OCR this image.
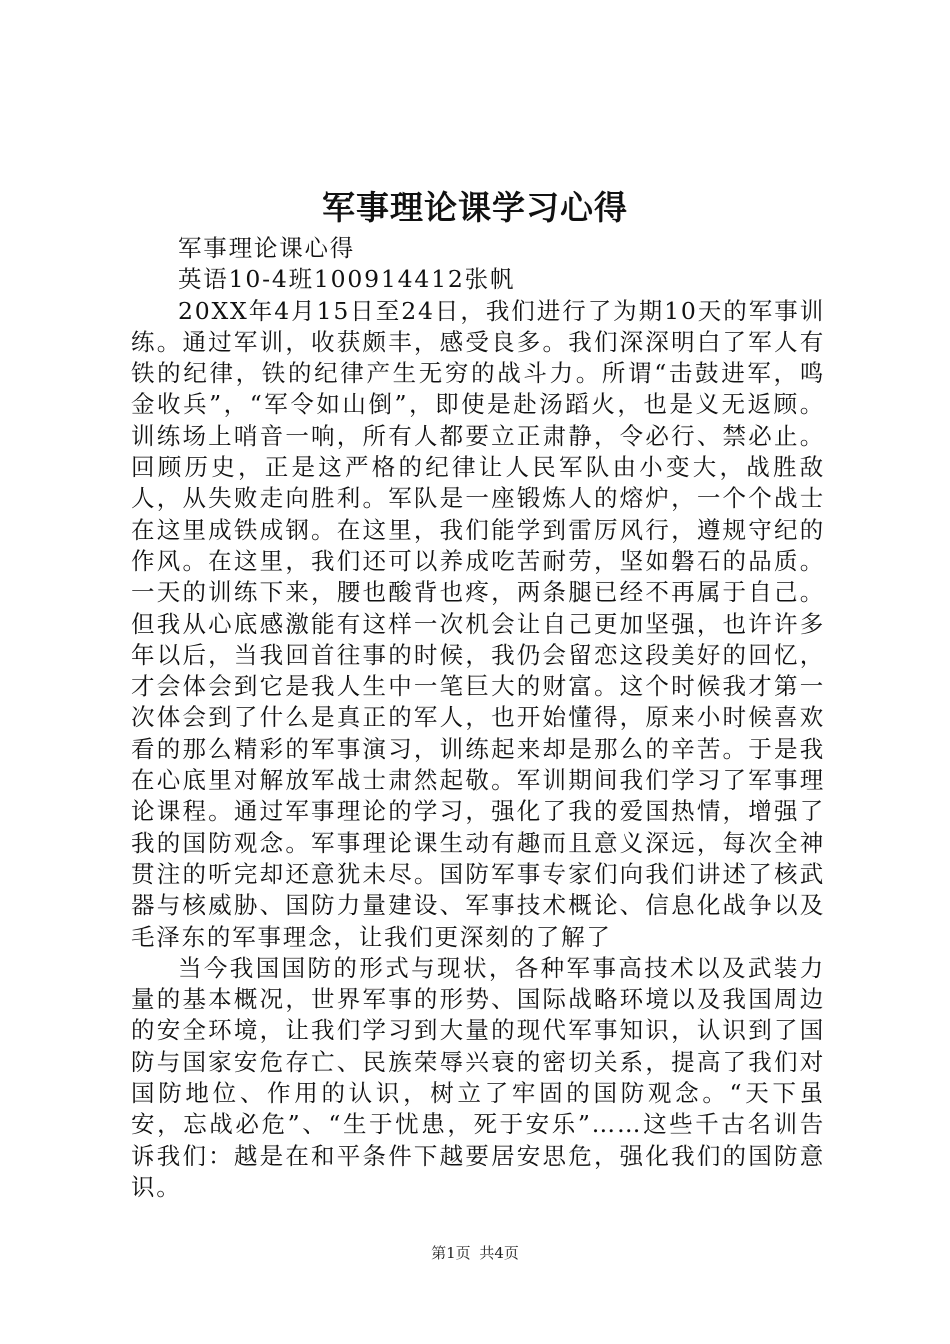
军事理论课学习心得

军事理论课心得

英语10-4班100914412张帆

20XX年4月15日至24日，我们进行了为期10天的军事训练。通过军训，收获颇丰，感受良多。我们深深明白了军人有铁的纪律，铁的纪律产生无穷的战斗力。所谓“击鼓进军，鸣金收兵”，“军令如山倒”，即使是赴汤蹈火，也是义无返顾。训练场上哨音一响，所有人都要立正肃静，令必行、禁必止。回顾历史，正是这严格的纪律让人民军队由小变大，战胜敌人，从失败走向胜利。军队是一座锻炼人的熔炉，一个个战士在这里成铁成钢。在这里，我们能学到雷厉风行，遵规守纪的作风。在这里，我们还可以养成吃苦耐劳，坚如磐石的品质。一天的训练下来，腰也酸背也疼，两条腿已经不再属于自己。但我从心底感激能有这样一次机会让自己更加坚强，也许许多年以后，当我回首往事的时候，我仍会留恋这段美好的回忆，才会体会到它是我人生中一笔巨大的财富。这个时候我才第一次体会到了什么是真正的军人，也开始懂得，原来小时候喜欢看的那么精彩的军事演习，训练起来却是那么的辛苦。于是我在心底里对解放军战士肃然起敬。军训期间我们学习了军事理论课程。通过军事理论的学习，强化了我的爱国热情，增强了我的国防观念。军事理论课生动有趣而且意义深远，每次全神贯注的听完却还意犹未尽。国防军事专家们向我们讲述了核武器与核威胁、国防力量建设、军事技术概论、信息化战争以及毛泽东的军事理念，让我们更深刻的了解了

当今我国国防的形式与现状，各种军事高技术以及武装力量的基本概况，世界军事的形势、国际战略环境以及我国周边的安全环境，让我们学习到大量的现代军事知识，认识到了国防与国家安危存亡、民族荣辱兴衰的密切关系，提高了我们对国防地位、作用的认识，树立了牢固的国防观念。“天下虽安，忘战必危”、“生于忧患，死于安乐”……这些千古名训告诉我们：越是在和平条件下越要居安思危，强化我们的国防意识。

第1页 共4页
